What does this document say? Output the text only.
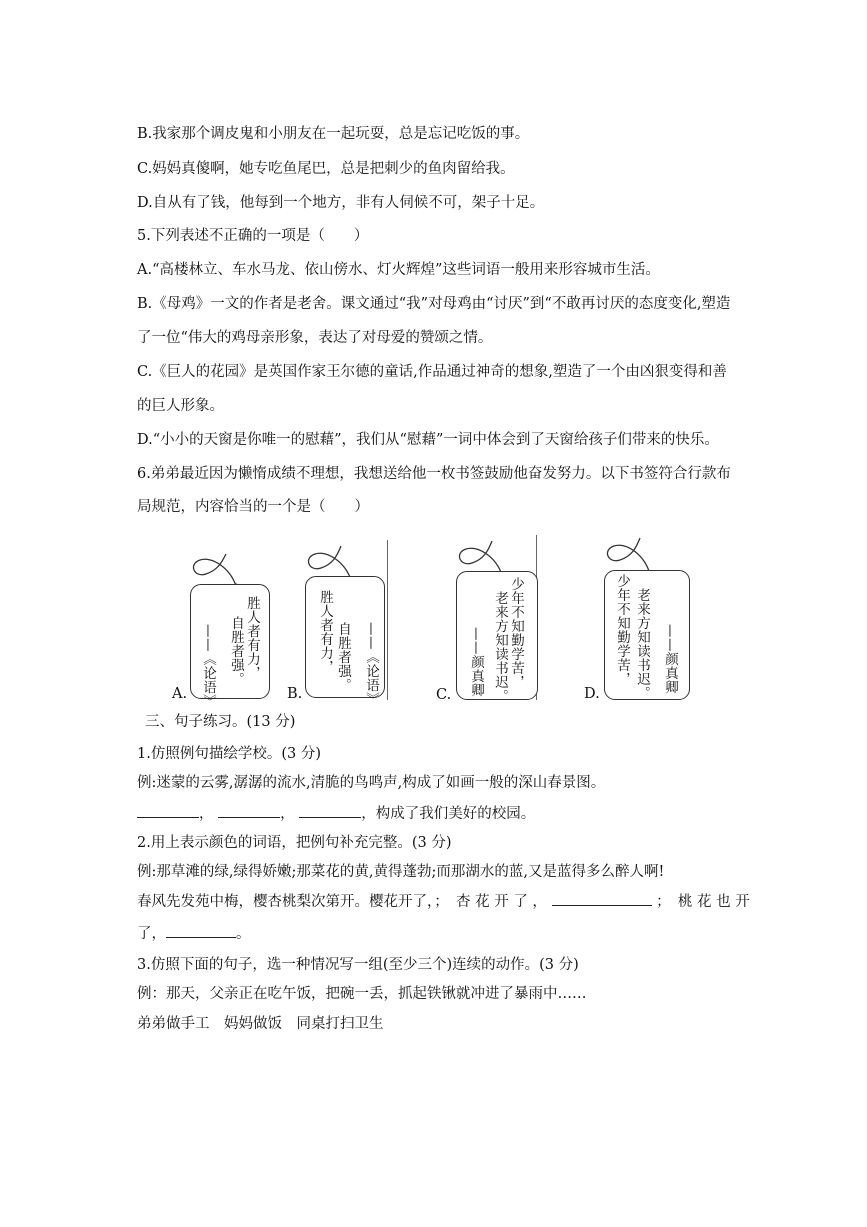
B.我家那个调皮鬼和小朋友在一起玩耍，总是忘记吃饭的事。
C.妈妈真傻啊，她专吃鱼尾巴，总是把刺少的鱼肉留给我。
D.自从有了钱，他每到一个地方，非有人伺候不可，架子十足。
5.下列表述不正确的一项是（　　）
A.“高楼林立、车水马龙、依山傍水、灯火辉煌”这些词语一般用来形容城市生活。
B.《母鸡》一文的作者是老舍。课文通过“我”对母鸡由“讨厌”到“不敢再讨厌的态度变化,塑造
了一位“伟大的鸡母亲形象，表达了对母爱的赞颂之情。
C.《巨人的花园》是英国作家王尔德的童话,作品通过神奇的想象,塑造了一个由凶狠变得和善
的巨人形象。
D.“小小的天窗是你唯一的慰藉”，我们从“慰藉”一词中体会到了天窗给孩子们带来的快乐。
6.弟弟最近因为懒惰成绩不理想，我想送给他一枚书签鼓励他奋发努力。以下书签符合行款布
局规范，内容恰当的一个是（　　）
胜人者有力，
自胜者强。
——《论语》
A.
胜人者有力， 自胜者强。 ——《论语》
B.
少年不知勤学苦，
老来方知读书迟。
——颜真卿
C.
少年不知勤学苦， 老来方知读书迟。 ——颜真卿
D.
三、句子练习。(13 分)
1.仿照例句描绘学校。(3 分)
例:迷蒙的云雾,潺潺的流水,清脆的鸟鸣声,构成了如画一般的深山春景图。
，	，	，构成了我们美好的校园。
2.用上表示颜色的词语，把例句补充完整。(3 分)
例:那草滩的绿,绿得娇嫩;那菜花的黄,黄得蓬勃;而那湖水的蓝,又是蓝得多么醉人啊!
春风先发苑中梅，樱杏桃梨次第开。樱花开了，；　杏 花 开 了 ，	；　桃 花 也 开
了，	。
3.仿照下面的句子，选一种情况写一组(至少三个)连续的动作。(3 分)
例：那天，父亲正在吃午饭，把碗一丢，抓起铁锹就冲进了暴雨中……
弟弟做手工　妈妈做饭　同桌打扫卫生
